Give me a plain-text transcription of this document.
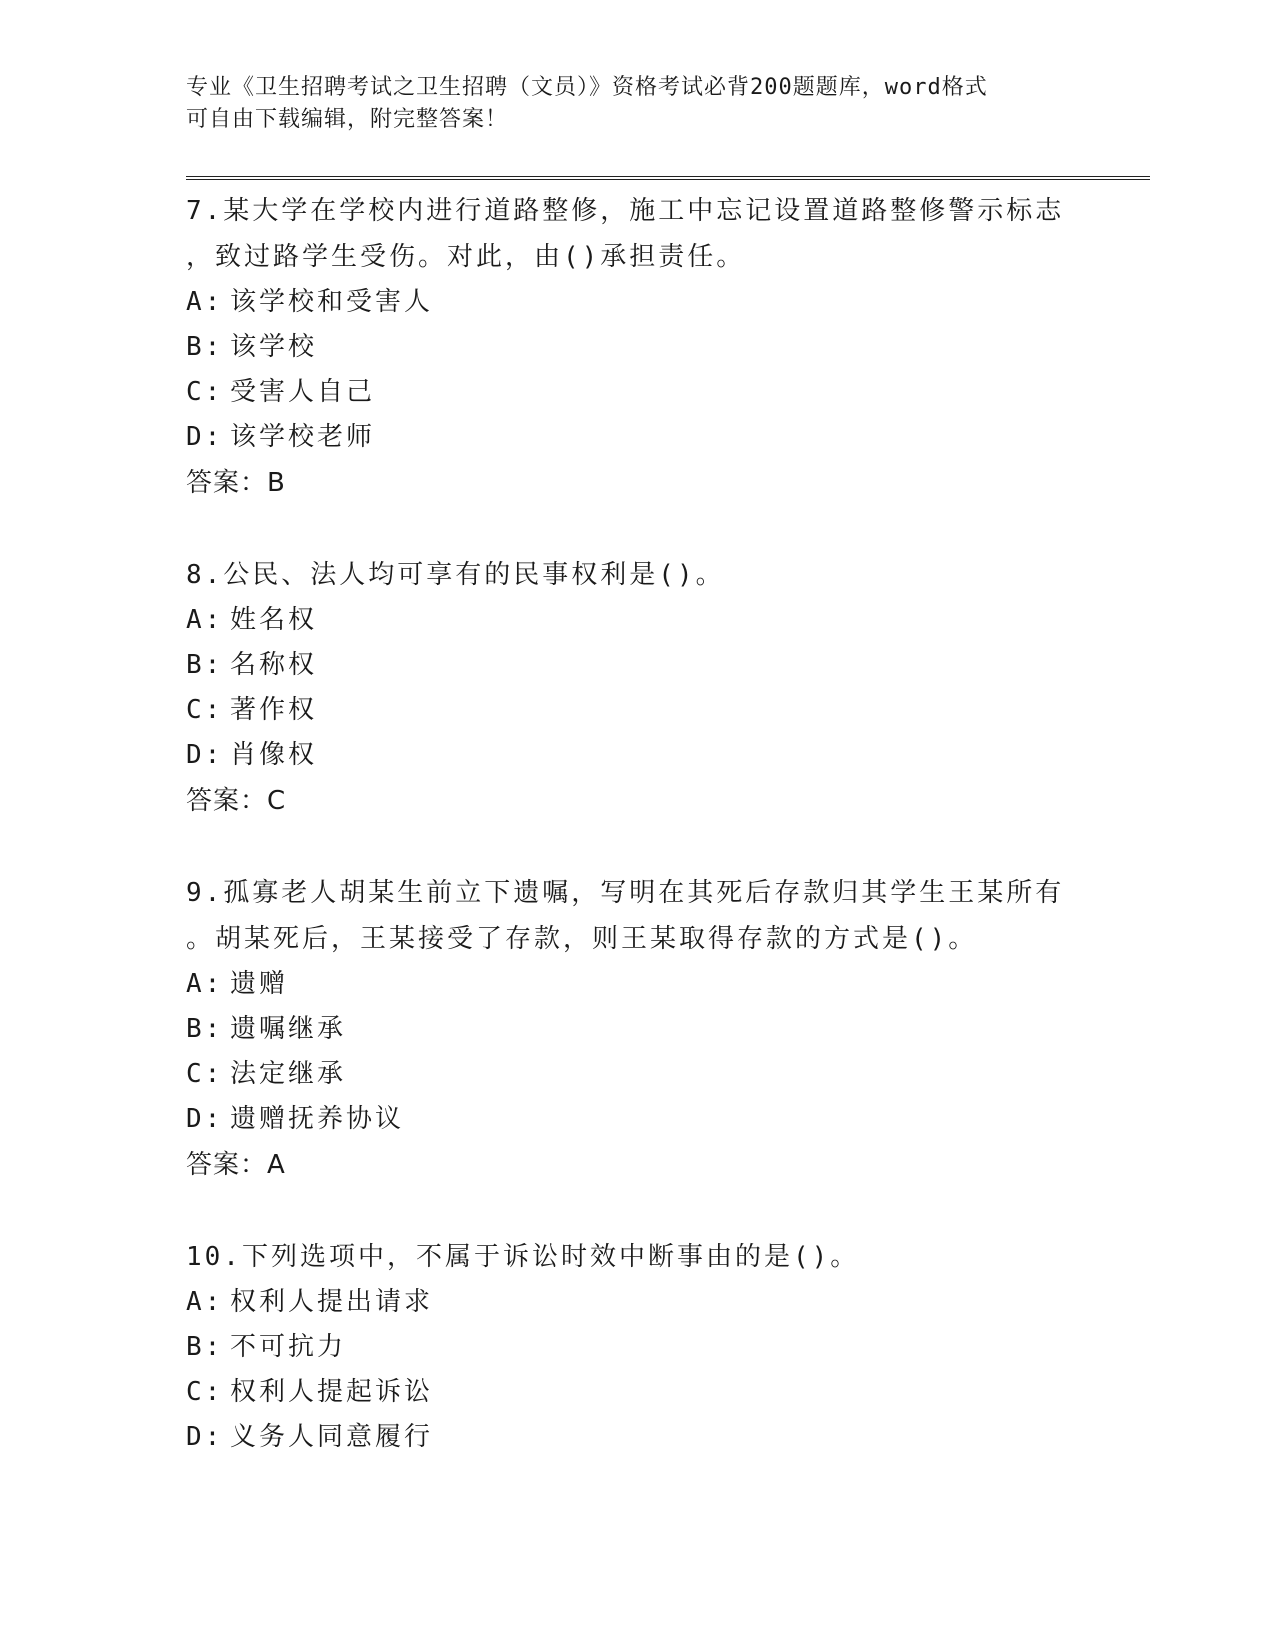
专业《卫生招聘考试之卫生招聘（文员）》资格考试必背200题题库，word格式
可自由下载编辑，附完整答案！

7.某大学在学校内进行道路整修，施工中忘记设置道路整修警示标志

，致过路学生受伤。对此，由()承担责任。

A: 该学校和受害人

B: 该学校

C: 受害人自己

D: 该学校老师

答案：B

8.公民、法人均可享有的民事权利是()。

A: 姓名权

B: 名称权

C: 著作权

D: 肖像权

答案：C

9.孤寡老人胡某生前立下遗嘱，写明在其死后存款归其学生王某所有

。胡某死后，王某接受了存款，则王某取得存款的方式是()。

A: 遗赠

B: 遗嘱继承

C: 法定继承

D: 遗赠抚养协议

答案：A

10.下列选项中，不属于诉讼时效中断事由的是()。

A: 权利人提出请求

B: 不可抗力

C: 权利人提起诉讼

D: 义务人同意履行
